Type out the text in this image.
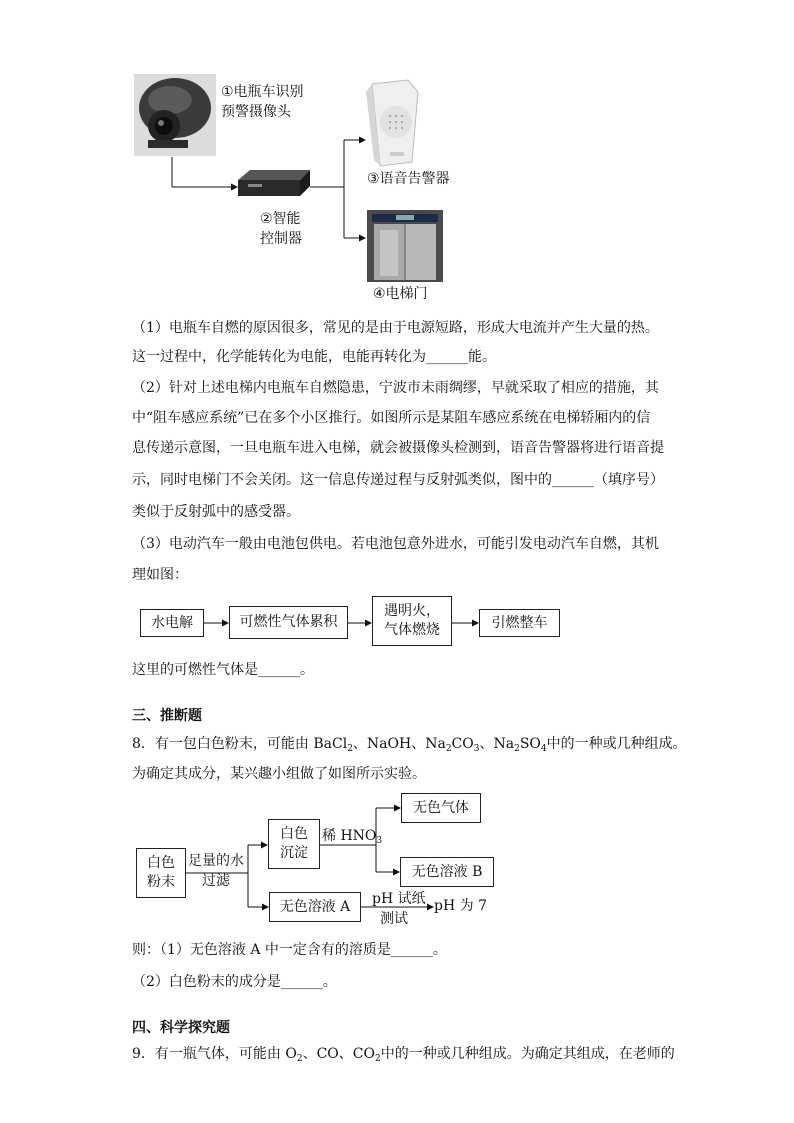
①电瓶车识别
预警摄像头
③语音告警器
②智能
控制器
④电梯门
（1）电瓶车自燃的原因很多，常见的是由于电源短路，形成大电流并产生大量的热。
这一过程中，化学能转化为电能，电能再转化为______能。
（2）针对上述电梯内电瓶车自燃隐患，宁波市未雨绸缪，早就采取了相应的措施，其
中“阻车感应系统”已在多个小区推行。如图所示是某阻车感应系统在电梯轿厢内的信
息传递示意图，一旦电瓶车进入电梯，就会被摄像头检测到，语音告警器将进行语音提
示，同时电梯门不会关闭。这一信息传递过程与反射弧类似，图中的______（填序号）
类似于反射弧中的感受器。
（3）电动汽车一般由电池包供电。若电池包意外进水，可能引发电动汽车自燃，其机
理如图：
水电解	可燃性气体累积
遇明火，
气体燃烧	引燃整车
这里的可燃性气体是______。
三、推断题
8．有一包白色粉末，可能由 BaCl$_2$、NaOH、$Na_2CO_3$、$Na_2SO_4$中的一种或几种组成。
为确定其成分，某兴趣小组做了如图所示实验。
白色
粉末
足量的水
过滤
白色
沉淀
稀 $HNO_3$
无色气体
无色溶液 B
无色溶液 A pH 试纸
测试
pH 为 7
则：（1）无色溶液 A 中一定含有的溶质是______。
（2）白色粉末的成分是______。
四、科学探究题
9．有一瓶气体，可能由 $O_2$、CO、$CO_2$中的一种或几种组成。为确定其组成，在老师的
